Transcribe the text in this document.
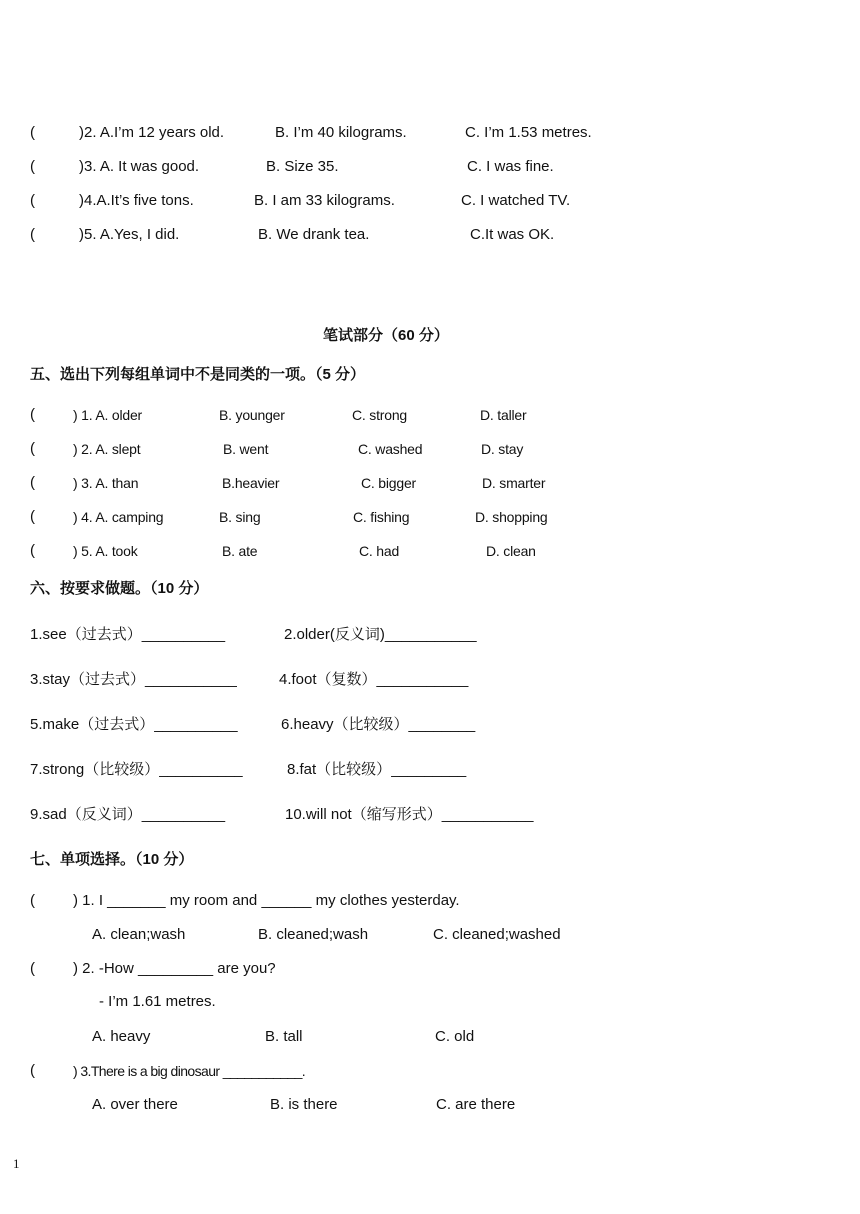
(	)2. A.I’m 12 years old.	B. I’m 40 kilograms.	C. I’m 1.53 metres.
(	)3. A. It was good.	B. Size 35.	C. I was fine.
(	)4.A.It’s five tons.	B. I am 33 kilograms.	C. I watched TV.
(	)5. A.Yes, I did.	B. We drank tea.	C.It was OK.
笔试部分（60 分）
五、选出下列每组单词中不是同类的一项。（5 分）
(	) 1. A. older	B. younger	C. strong	D. taller
(	) 2. A. slept	B. went	C. washed	D. stay
(	) 3. A. than	B.heavier	C. bigger	D. smarter
(	) 4. A. camping	B. sing	C. fishing	D. shopping
(	) 5. A. took	B. ate	C. had	D. clean
六、按要求做题。（10 分）
1.see（过去式）__________	2.older(反义词)___________
3.stay（过去式）___________	4.foot（复数）___________
5.make（过去式）__________	6.heavy（比较级）________
7.strong（比较级）__________	8.fat（比较级）_________
9.sad（反义词）__________	10.will not（缩写形式）___________
七、单项选择。（10 分）
(	) 1. I _______ my room and ______ my clothes yesterday.
A. clean;wash	B. cleaned;wash	C. cleaned;washed
(	) 2. -How _________ are you?
- I’m 1.61 metres.
A. heavy	B. tall	C. old
(	) 3.There is a big dinosaur ___________.
A. over there	B. is there	C. are there
1
